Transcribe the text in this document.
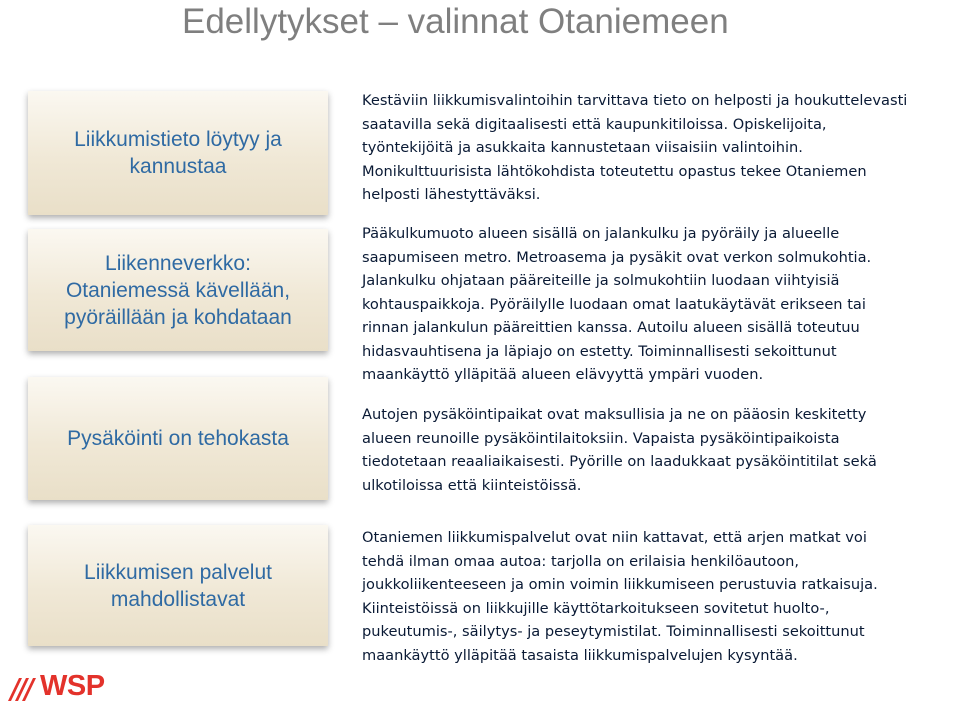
Edellytykset – valinnat Otaniemeen
Liikkumistieto löytyy ja kannustaa
Kestäviin liikkumisvalintoihin tarvittava tieto on helposti ja houkuttelevasti
saatavilla sekä digitaalisesti että kaupunkitiloissa. Opiskelijoita,
työntekijöitä ja asukkaita kannustetaan viisaisiin valintoihin.
Monikulttuurisista lähtökohdista toteutettu opastus tekee Otaniemen
helposti lähestyttäväksi.
Liikenneverkko: Otaniemessä kävellään, pyöräillään ja kohdataan
Pääkulkumuoto alueen sisällä on jalankulku ja pyöräily ja alueelle
saapumiseen metro. Metroasema ja pysäkit ovat verkon solmukohtia.
Jalankulku ohjataan pääreiteille ja solmukohtiin luodaan viihtyisiä
kohtauspaikkoja. Pyöräilylle luodaan omat laatukäytävät erikseen tai
rinnan jalankulun pääreittien kanssa. Autoilu alueen sisällä toteutuu
hidasvauhtisena ja läpiajo on estetty. Toiminnallisesti sekoittunut
maankäyttö ylläpitää alueen elävyyttä ympäri vuoden.
Pysäköinti on tehokasta
Autojen pysäköintipaikat ovat maksullisia ja ne on pääosin keskitetty
alueen reunoille pysäköintilaitoksiin. Vapaista pysäköintipaikoista
tiedotetaan reaaliaikaisesti. Pyörille on laadukkaat pysäköintitilat sekä
ulkotiloissa että kiinteistöissä.
Liikkumisen palvelut mahdollistavat
Otaniemen liikkumispalvelut ovat niin kattavat, että arjen matkat voi
tehdä ilman omaa autoa: tarjolla on erilaisia henkilöautoon,
joukkoliikenteeseen ja omin voimin liikkumiseen perustuvia ratkaisuja.
Kiinteistöissä on liikkujille käyttötarkoitukseen sovitetut huolto-,
pukeutumis-, säilytys- ja peseytymistilat. Toiminnallisesti sekoittunut
maankäyttö ylläpitää tasaista liikkumispalvelujen kysyntää.
WSP
